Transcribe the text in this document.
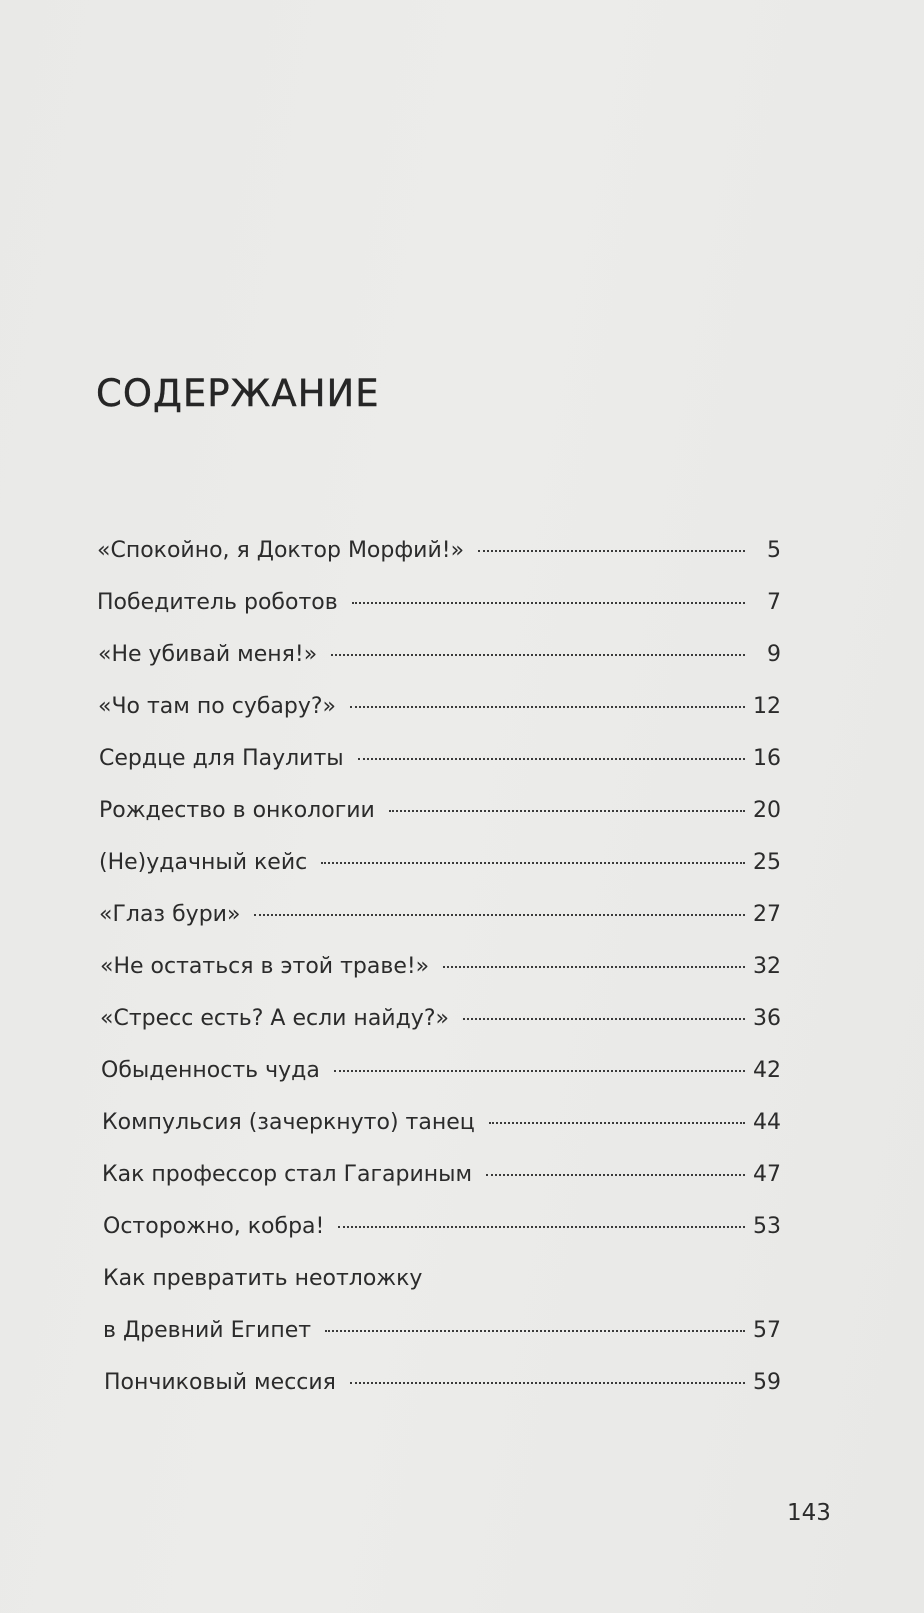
СОДЕРЖАНИЕ
«Спокойно, я Доктор Морфий!»	5
Победитель роботов	7
«Не убивай меня!»	9
«Чо там по субару?»	12
Сердце для Паулиты	16
Рождество в онкологии	20
(Не)удачный кейс	25
«Глаз бури»	27
«Не остаться в этой траве!»	32
«Стресс есть? А если найду?»	36
Обыденность чуда	42
Компульсия (зачеркнуто) танец	44
Как профессор стал Гагариным	47
Осторожно, кобра!	53
Как превратить неотложку
в Древний Египет	57
Пончиковый мессия	59
143
